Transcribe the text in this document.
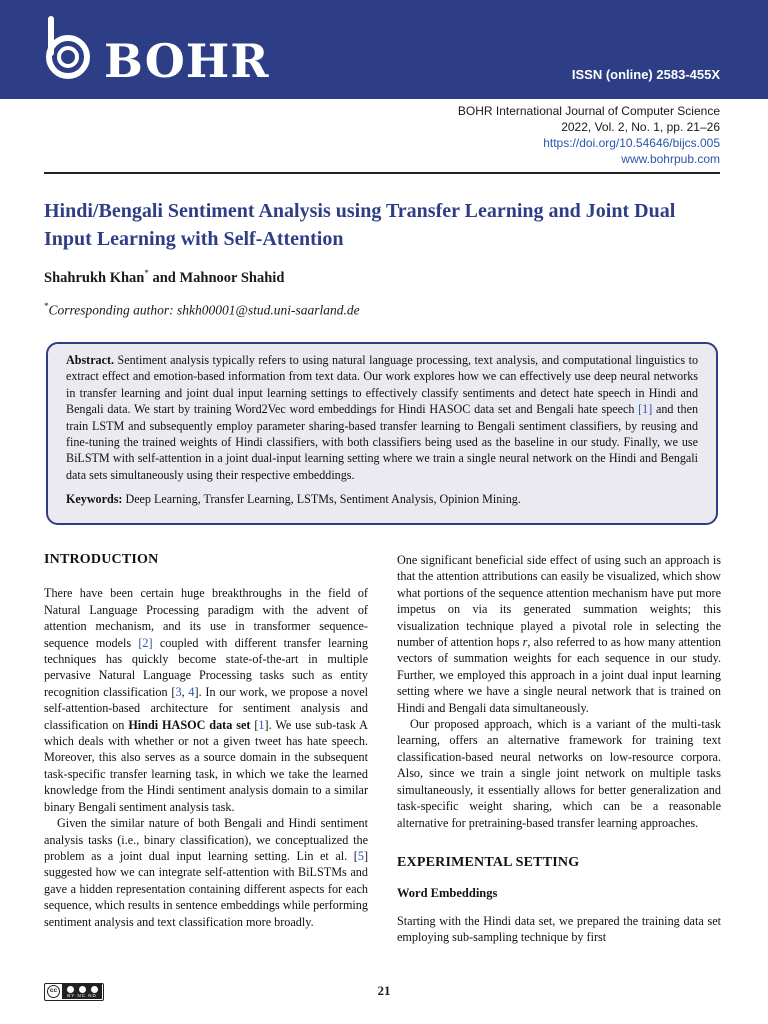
BOHR	ISSN (online) 2583-455X
BOHR International Journal of Computer Science
2022, Vol. 2, No. 1, pp. 21–26
https://doi.org/10.54646/bijcs.005
www.bohrpub.com
Hindi/Bengali Sentiment Analysis using Transfer Learning and Joint Dual Input Learning with Self-Attention

Shahrukh Khan* and Mahnoor Shahid

*Corresponding author: shkh00001@stud.uni-saarland.de

Abstract. Sentiment analysis typically refers to using natural language processing, text analysis, and computational linguistics to extract effect and emotion-based information from text data. Our work explores how we can effectively use deep neural networks in transfer learning and joint dual input learning settings to effectively classify sentiments and detect hate speech in Hindi and Bengali data. We start by training Word2Vec word embeddings for Hindi HASOC data set and Bengali hate speech [1] and then train LSTM and subsequently employ parameter sharing-based transfer learning to Bengali sentiment classifiers, by reusing and fine-tuning the trained weights of Hindi classifiers, with both classifiers being used as the baseline in our study. Finally, we use BiLSTM with self-attention in a joint dual-input learning setting where we train a single neural network on the Hindi and Bengali data sets simultaneously using their respective embeddings.

Keywords: Deep Learning, Transfer Learning, LSTMs, Sentiment Analysis, Opinion Mining.

INTRODUCTION

There have been certain huge breakthroughs in the field of Natural Language Processing paradigm with the advent of attention mechanism, and its use in transformer sequence-sequence models [2] coupled with different transfer learning techniques has quickly become state-of-the-art in multiple pervasive Natural Language Processing tasks such as entity recognition classification [3, 4]. In our work, we propose a novel self-attention-based architecture for sentiment analysis and classification on Hindi HASOC data set [1]. We use sub-task A which deals with whether or not a given tweet has hate speech. Moreover, this also serves as a source domain in the subsequent task-specific transfer learning task, in which we take the learned knowledge from the Hindi sentiment analysis domain to a similar binary Bengali sentiment analysis task.

Given the similar nature of both Bengali and Hindi sentiment analysis tasks (i.e., binary classification), we conceptualized the problem as a joint dual input learning setting. Lin et al. [5] suggested how we can integrate self-attention with BiLSTMs and gave a hidden representation containing different aspects for each sequence, which results in sentence embeddings while performing sentiment analysis and text classification more broadly.

One significant beneficial side effect of using such an approach is that the attention attributions can easily be visualized, which show what portions of the sequence attention mechanism have put more impetus on via its generated summation weights; this visualization technique played a pivotal role in selecting the number of attention hops r, also referred to as how many attention vectors of summation weights for each sequence in our study. Further, we employed this approach in a joint dual input learning setting where we have a single neural network that is trained on Hindi and Bengali data simultaneously.

Our proposed approach, which is a variant of the multi-task learning, offers an alternative framework for training text classification-based neural networks on low-resource corpora. Also, since we train a single joint network on multiple tasks simultaneously, it essentially allows for better generalization and task-specific weight sharing, which can be a reasonable alternative for pretraining-based transfer learning approaches.

EXPERIMENTAL SETTING
Word Embeddings

Starting with the Hindi data set, we prepared the training data set employing sub-sampling technique by first

cc
BY NC ND	21
